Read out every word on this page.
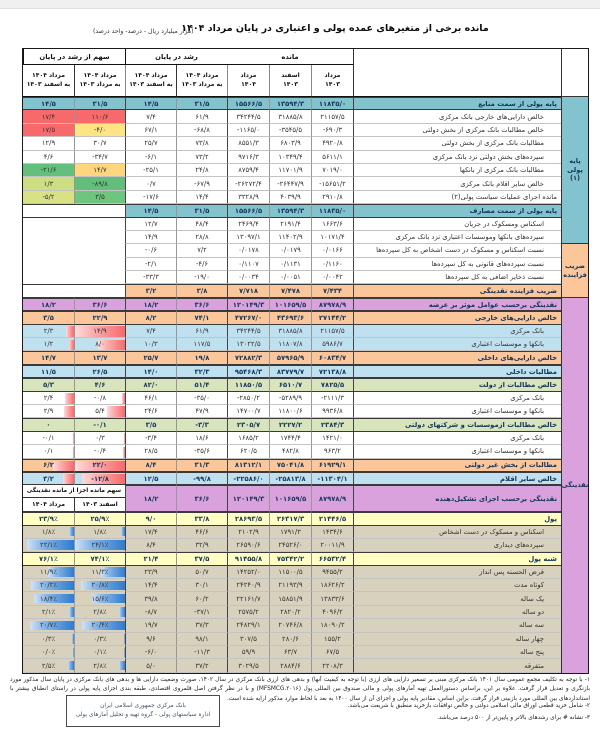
مانده برخی از متغیرهای عمده پولی و اعتباری در پایان مرداد ۱۴۰۴
(هزار میلیارد ریال - درصد- واحد درصد)
پایه پولی (۱)
ضریب فزاینده
نقدینگی
مانده
رشد در پایان
سهم از رشد در پایان
مرداد
۱۴۰۳
اسفند
۱۴۰۳
مرداد
۱۴۰۴
مرداد ۱۴۰۴
به مرداد ۱۴۰۳
مرداد ۱۴۰۴
به اسفند ۱۴۰۳
مرداد ۱۴۰۴
به مرداد ۱۴۰۳
مرداد ۱۴۰۴
به اسفند ۱۴۰۳
پایه پولی از سمت منابع
۱۱۸۳۵/۰
۱۳۵۹۴/۳
۱۵۵۶۶/۵
۳۱/۵
۱۴/۵
۳۱/۵
۱۴/۵
خالص دارایی‌های خارجی بانک مرکزی
۲۱۱۵۷/۵
۳۱۸۸۵/۸
۳۴۲۴۴/۵
۶۱/۹
۷/۴
۱۱۰/۶
۱۷/۴
خالص مطالبات بانک مرکزی از بخش دولتی
-۶۹۰/۳
-۳۵۴۵/۵
-۱۱۶۵/۰
-۶۸/۸
۶۷/۱
-۴/۰
۱۷/۵
مطالبات بانک مرکزی از بخش دولتی
۴۹۲۰/۸
۶۸۰۳/۹
۸۵۵۱/۳
۷۳/۸
۲۵/۷
۳۰/۷
۱۲/۹
سپرده‌های بخش دولتی نزد بانک مرکزی
۵۶۱۱/۱
۱۰۳۴۹/۴
۹۷۱۶/۳
۷۳/۲
-۶/۱
-۳۴/۷
۴/۶
مطالبات بانک مرکزی از بانکها
۷۰۱۹/۰
۱۱۷۰۱/۹
۸۷۵۹/۴
۲۴/۸
-۲۵/۱
۱۴/۷
-۲۱/۶
خالص سایر اقلام بانک مرکزی
-۱۵۶۵۱/۲
-۲۶۴۴۷/۹
-۲۶۲۷۲/۴
-۶۷/۹
۰/۷
-۸۹/۸
۱/۳
مانده اجرای عملیات سیاست پولی(۲)
۲۹۱۰/۸
۴۰۳۹/۹
۳۳۲۸/۹
۱۴/۴
-۱۷/۶
۳/۵
-۵/۲
پایه پولی از سمت مصارف
۱۱۸۳۵/۰
۱۳۵۹۴/۳
۱۵۵۶۶/۵
۳۱/۵
۱۴/۵
اسکناس ومسکوک در جریان
۱۶۶۳/۶
۲۱۹۱/۴
۲۴۶۹/۴
۴۸/۴
۱۲/۷
سپرده‌های بانکها وموسسات اعتباری نزد بانک مرکزی
۱۰۱۷۱/۴
۱۱۴۰۲/۹
۱۳۰۹۷/۱
۲۸/۸
۱۴/۹
نسبت اسکناس و مسکوک در دست اشخاص به کل سپرده‌ها
۰/۰۱۶۶
۰/۰۱۷۹
۰/۰۱۷۸
۷/۲
-۰/۶
نسبت سپرده‌های قانونی به کل سپرده‌ها
۰/۱۱۶۰
۰/۱۱۳۱
۰/۱۱۰۷
-۴/۶
-۲/۱
نسبت ذخایر اضافی به کل سپرده‌ها
۰/۰۰۴۲
۰/۰۰۵۱
۰/۰۰۳۴
-۱۹/۰
-۳۳/۳
ضریب فزاینده نقدینگی
۷/۴۳۴
۷/۴۷۸
۷/۷۱۸
۳/۸
۳/۲
نقدینگی برحسب عوامل موثر بر عرضه
۸۷۹۷۸/۹
۱۰۱۶۵۹/۵
۱۲۰۱۴۹/۳
۳۶/۶
۱۸/۲
۳۶/۶
۱۸/۲
خالص دارایی‌های خارجی
۲۷۱۴۴/۲
۴۳۶۹۳/۶
۴۷۲۶۷/۰
۷۴/۱
۸/۲
۲۲/۹
۳/۵
بانک مرکزی
۲۱۱۵۷/۵
۳۱۸۸۵/۸
۳۴۲۴۴/۵
۶۱/۹
۷/۴
۱۴/۹
۲/۳
بانکها و موسسات اعتباری
۵۹۸۶/۷
۱۱۸۰۷/۸
۱۳۰۲۲/۵
۱۱۷/۵
۱۰/۳
۸/۰
۱/۲
خالص دارایی‌های داخلی
۶۰۸۳۴/۷
۵۷۹۶۵/۹
۷۲۸۸۲/۳
۱۹/۸
۲۵/۷
۱۳/۷
۱۴/۷
مطالبات داخلی
۷۲۱۳۸/۸
۸۳۷۷۹/۷
۹۵۴۶۸/۳
۳۲/۳
۱۴/۰
۲۶/۵
۱۱/۵
خالص مطالبات از دولت
۷۸۲۵/۵
۶۵۱۰/۷
۱۱۸۵۰/۵
۵۱/۴
۸۲/۰
۴/۶
۵/۳
بانک مرکزی
-۲۱۱۱/۳
-۵۲۸۹/۹
-۲۸۵۰/۲
-۳۵/۰
۴۶/۱
-۰/۸
۲/۴
بانکها و موسسات اعتباری
۹۹۳۶/۸
۱۱۸۰۰/۶
۱۴۷۰۰/۷
۴۷/۹
۲۴/۶
۵/۴
۲/۹
خالص مطالبات ازموسسات و شرکتهای دولتی
۲۳۸۴/۳
۲۲۲۷/۲
۲۳۰۵/۷
-۳/۳
۳/۵
-۰/۱
۰
بانک مرکزی
۱۴۲۱/۰
۱۷۴۴/۴
۱۶۸۵/۲
۱۸/۶
-۳/۴
۰/۳
-۰/۱
بانکها و موسسات اعتباری
۹۶۳/۲
۴۸۲/۸
۶۲۰/۵
-۳۵/۶
۲۸/۵
-۰/۴
۰/۱
مطالبات از بخش غیر دولتی
۶۱۹۲۹/۱
۷۵۰۴۱/۸
۸۱۳۱۲/۱
۳۱/۳
۸/۴
۲۲/۰
۶/۲
خالص سایر اقلام
-۱۱۳۰۴/۱
-۲۵۸۱۳/۸
-۲۲۵۸۶/۰
-۹۹/۸
۱۲/۵
-۱۲/۸
۳/۲
نقدینگی برحسب اجزای تشکیل‌دهنده
۸۷۹۷۸/۹
۱۰۱۶۵۹/۵
۱۲۰۱۴۹/۳
۳۶/۶
۱۸/۲
سهم مانده اجزا از مانده نقدینگی
اسفند ۱۴۰۳
مرداد ۱۴۰۴
پول
۲۱۴۴۶/۵
۲۶۳۱۷/۳
۲۸۶۹۳/۵
۳۳/۸
۹/۰
۲۵/۹٪
۲۳/۹٪
اسکناس و مسکوک در دست اشخاص
۱۴۳۴/۶
۱۷۹۱/۳
۲۱۰۲/۹
۴۶/۶
۱۷/۴
۱/۸٪
۱/۸٪
سپرده‌های دیداری
۲۰۰۱۱/۹
۲۴۵۲۶/۰
۲۶۵۹۰/۶
۳۲/۹
۸/۴
۲۴/۱٪
۲۲/۱٪
شبه پول
۶۶۵۳۲/۴
۷۵۳۴۲/۲
۹۱۴۵۵/۸
۳۷/۵
۲۱/۴
۷۴/۱٪
۷۶/۱٪
قرض الحسنه پس انداز
۹۴۵۵/۲
۱۱۵۰۰/۵
۱۴۲۵۲/۰
۵۰/۷
۲۳/۹
۱۱/۳٪
۱۱/۹٪
کوتاه مدت
۱۸۶۲۶/۲
۲۱۱۹۳/۹
۲۴۲۴۰/۹
۳۰/۱
۱۴/۴
۲۰/۸٪
۲۰/۲٪
یک ساله
۱۳۸۳۳/۶
۱۵۸۵۱/۹
۲۲۱۶۱/۷
۶۰/۲
۳۹/۸
۱۵/۶٪
۱۸/۴٪
دو ساله
۴۰۹۶/۲
۲۸۲۰/۲
۲۵۷۵/۲
-۳۷/۱
-۸/۷
۲/۸٪
۲/۱٪
سه ساله
۱۸۰۹۰/۲
۲۰۷۴۶/۸
۲۴۸۲۹/۱
۳۷/۳
۱۹/۷
۲۰/۴٪
۲۰/۷٪
چهار ساله
۱۵۵/۲
۲۸۰/۶
۳۰۷/۵
۹۸/۱
۹/۶
۰/۳٪
۰/۳٪
پنج ساله
۶۷/۵
۶۳/۷
۵۹/۹
-۱۱/۳
-۶/۰
۰/۱٪
۰/۰٪
متفرقه
۲۲۰۸/۳
۲۸۸۴/۶
۳۰۲۹/۵
۳۷/۲
۵/۰
۲/۸٪
۲/۵٪
۱- با توجه به تکلیف مجمع عمومی سال ۱۴۰۱ بانک مرکزی مبنی بر تسعیر دارایی های ارزی (با توجه به کیفیت آنها) و بدهی های ارزی بانک مرکزی در سال ۱۴۰۲، صورت وضعیت دارایی ها و بدهی های بانک مرکزی در پایان سال مذکور مورد بازنگری و تعدیل قرار گرفت. علاوه بر این، براساس دستورالعمل تهیه آمارهای پولی و مالی صندوق بین المللی پول (MFSMCG.۲۰۱۶) و با در نظر گرفتن اصل قلمروی اقتصادی، طبقه بندی اجزای پایه پولی در راستای انطباق بیشتر با استانداردهای بین المللی مورد بازبینی قرار گرفت. براین اساس، مقادیر پایه پولی و اجزای آن از سال ۱۴۰۰ به بعد با لحاظ موارد مذکور ارایه شده است.
۲- شامل خرید قطعی اوراق مالی اسلامی دولتی و خالص توافقات بازخرید منطبق با شریعت می‌باشد.
۳- نشانه # برای رشدهای بالاتر و پایین‌تر از ۵۰۰ درصد می‌باشد.
بانک مرکزی جمهوری اسلامی ایران
اداره سیاستهای پولی - گروه تهیه و تحلیل آمارهای پولی
